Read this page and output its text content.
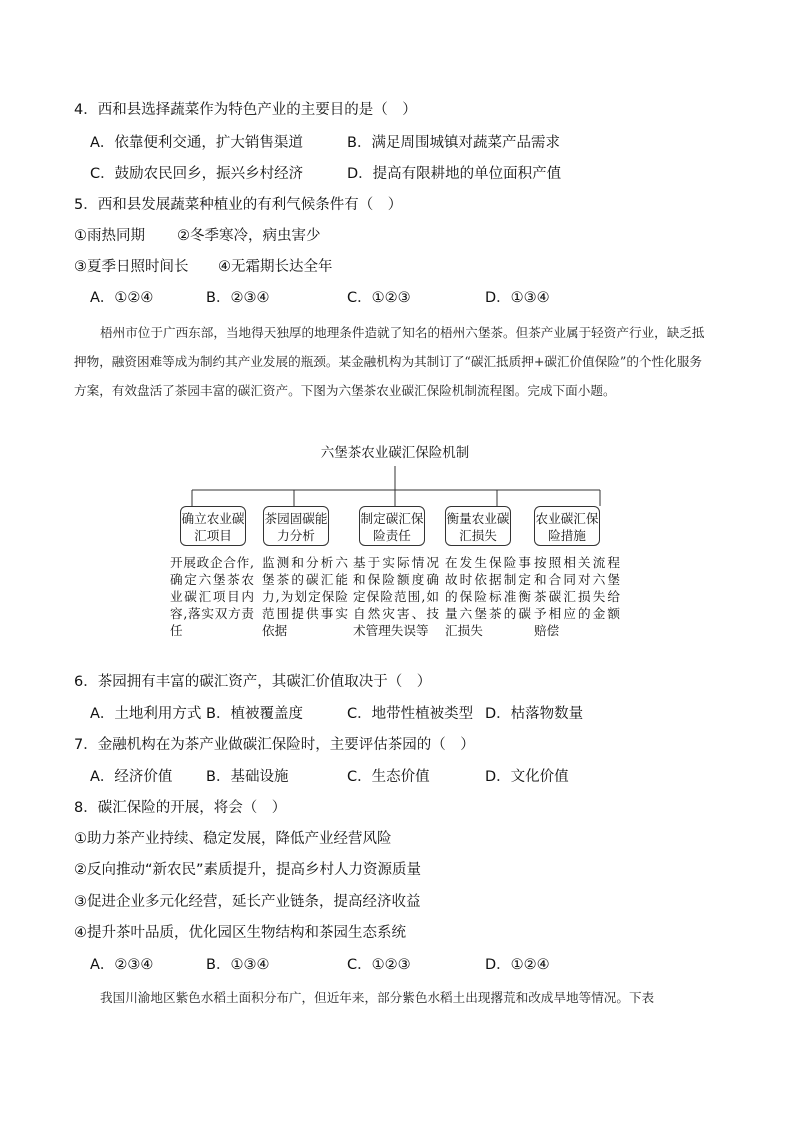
4．西和县选择蔬菜作为特色产业的主要目的是（　）
A．依靠便利交通，扩大销售渠道	B．满足周围城镇对蔬菜产品需求
C．鼓励农民回乡，振兴乡村经济	D．提高有限耕地的单位面积产值
5．西和县发展蔬菜种植业的有利气候条件有（　）
①雨热同期 ②冬季寒冷，病虫害少
③夏季日照时间长 ④无霜期长达全年
A．①②④	B．②③④	C．①②③	D．①③④
梧州市位于广西东部，当地得天独厚的地理条件造就了知名的梧州六堡茶。但茶产业属于轻资产行业，缺乏抵押物，融资困难等成为制约其产业发展的瓶颈。某金融机构为其制订了“碳汇抵质押+碳汇价值保险”的个性化服务方案，有效盘活了茶园丰富的碳汇资产。下图为六堡茶农业碳汇保险机制流程图。完成下面小题。
六堡茶农业碳汇保险机制
确立农业碳汇项目
茶园固碳能力分析
制定碳汇保险责任
衡量农业碳汇损失
农业碳汇保险措施
开展政企合作,确定六堡茶农业碳汇项目内容,落实双方责任
监测和分析六堡茶的碳汇能力,为划定保险范围提供事实依据
基于实际情况和保险额度确定保险范围,如自然灾害、技术管理失误等
在发生保险事故时依据制定的保险标准衡量六堡茶的碳汇损失
按照相关流程和合同对六堡茶碳汇损失给予相应的金额赔偿
6．茶园拥有丰富的碳汇资产，其碳汇价值取决于（　）
A．土地利用方式 B．植被覆盖度	C．地带性植被类型 D．枯落物数量
7．金融机构在为茶产业做碳汇保险时，主要评估茶园的（　）
A．经济价值 B．基础设施	C．生态价值	D．文化价值
8．碳汇保险的开展，将会（　）
①助力茶产业持续、稳定发展，降低产业经营风险
②反向推动“新农民”素质提升，提高乡村人力资源质量
③促进企业多元化经营，延长产业链条，提高经济收益
④提升茶叶品质，优化园区生物结构和茶园生态系统
A．②③④	B．①③④	C．①②③	D．①②④
我国川渝地区紫色水稻土面积分布广，但近年来，部分紫色水稻土出现撂荒和改成旱地等情况。下表
